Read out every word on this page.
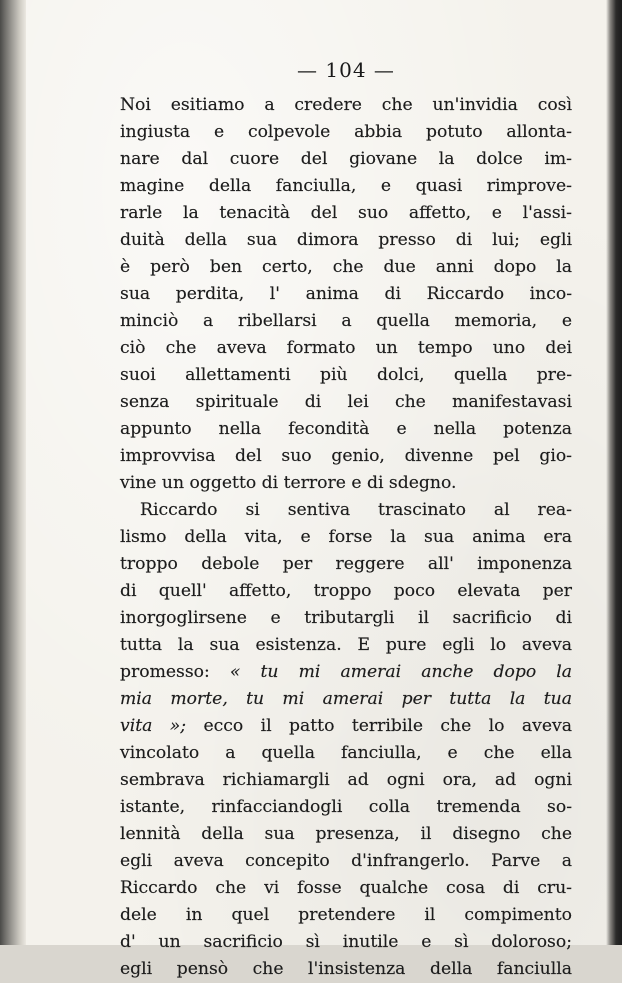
— 104 —
Noi esitiamo a credere che un'invidia così
ingiusta e colpevole abbia potuto allonta-
nare dal cuore del giovane la dolce im-
magine della fanciulla, e quasi rimprove-
rarle la tenacità del suo affetto, e l'assi-
duità della sua dimora presso di lui; egli
è però ben certo, che due anni dopo la
sua perdita, l' anima di Riccardo inco-
minciò a ribellarsi a quella memoria, e
ciò che aveva formato un tempo uno dei
suoi allettamenti più dolci, quella pre-
senza spirituale di lei che manifestavasi
appunto nella fecondità e nella potenza
improvvisa del suo genio, divenne pel gio-
vine un oggetto di terrore e di sdegno.
Riccardo si sentiva trascinato al rea-
lismo della vita, e forse la sua anima era
troppo debole per reggere all' imponenza
di quell' affetto, troppo poco elevata per
inorgoglirsene e tributargli il sacrificio di
tutta la sua esistenza. E pure egli lo aveva
promesso: « tu mi amerai anche dopo la
mia morte, tu mi amerai per tutta la tua
vita »; ecco il patto terribile che lo aveva
vincolato a quella fanciulla, e che ella
sembrava richiamargli ad ogni ora, ad ogni
istante, rinfacciandogli colla tremenda so-
lennità della sua presenza, il disegno che
egli aveva concepito d'infrangerlo. Parve a
Riccardo che vi fosse qualche cosa di cru-
dele in quel pretendere il compimento
d' un sacrificio sì inutile e sì doloroso;
egli pensò che l'insistenza della fanciulla
